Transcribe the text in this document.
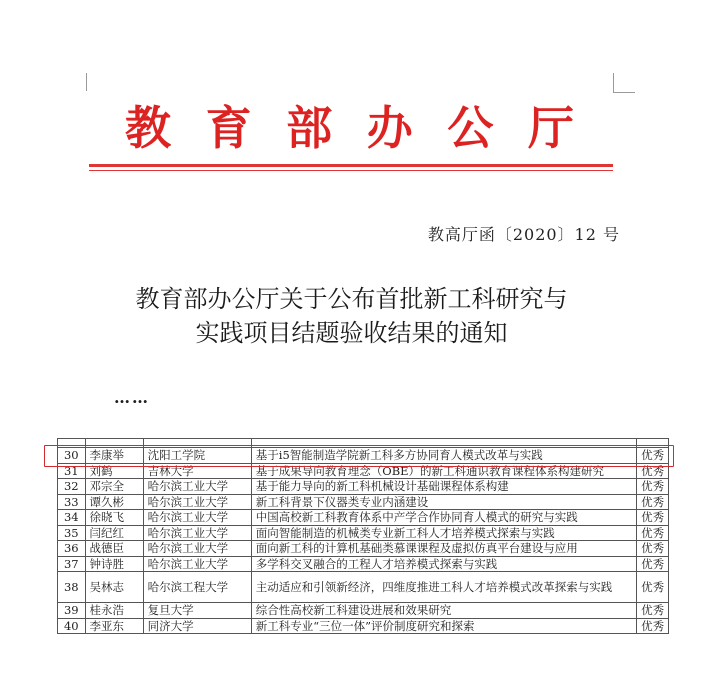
教 育 部 办 公 厅
教高厅函〔2020〕12 号
教育部办公厅关于公布首批新工科研究与
实践项目结题验收结果的通知
……

30	李康举	沈阳工学院	基于i5智能制造学院新工科多方协同育人模式改革与实践	优秀
31	刘鹤	吉林大学	基于成果导向教育理念（OBE）的新工科通识教育课程体系构建研究	优秀
32	邓宗全	哈尔滨工业大学	基于能力导向的新工科机械设计基础课程体系构建	优秀
33	谭久彬	哈尔滨工业大学	新工科背景下仪器类专业内涵建设	优秀
34	徐晓飞	哈尔滨工业大学	中国高校新工科教育体系中产学合作协同育人模式的研究与实践	优秀
35	闫纪红	哈尔滨工业大学	面向智能制造的机械类专业新工科人才培养模式探索与实践	优秀
36	战德臣	哈尔滨工业大学	面向新工科的计算机基础类慕课课程及虚拟仿真平台建设与应用	优秀
37	钟诗胜	哈尔滨工业大学	多学科交叉融合的工程人才培养模式探索与实践	优秀
38	吴林志	哈尔滨工程大学	主动适应和引领新经济，四维度推进工科人才培养模式改革探索与实践	优秀
39	桂永浩	复旦大学	综合性高校新工科建设进展和效果研究	优秀
40	李亚东	同济大学	新工科专业“三位一体”评价制度研究和探索	优秀
